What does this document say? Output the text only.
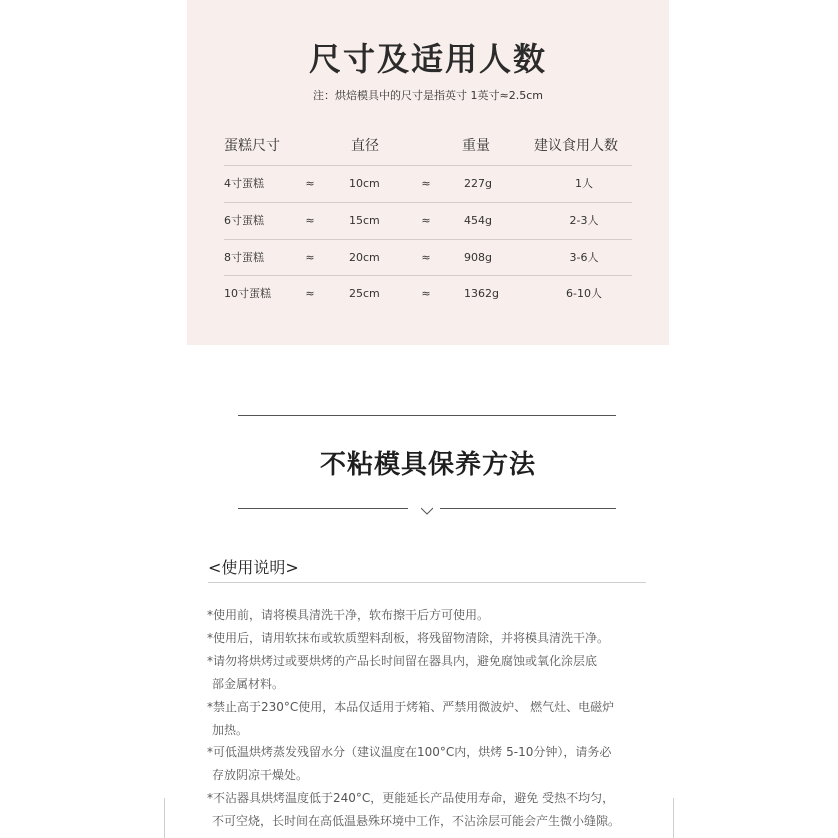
尺寸及适用人数
注：烘焙模具中的尺寸是指英寸 1英寸≈2.5cm
蛋糕尺寸	直径	重量	建议食用人数
4寸蛋糕	≈	10cm	≈	227g	1人
6寸蛋糕	≈	15cm	≈	454g	2-3人
8寸蛋糕	≈	20cm	≈	908g	3-6人
10寸蛋糕	≈	25cm	≈	1362g	6-10人
不粘模具保养方法
<使用说明>
*使用前，请将模具清洗干净，软布擦干后方可使用。
*使用后，请用软抹布或软质塑料刮板，将残留物清除，并将模具清洗干净。
*请勿将烘烤过或要烘烤的产品长时间留在器具内，避免腐蚀或氧化涂层底
部金属材料。
*禁止高于230°C使用，本品仅适用于烤箱、严禁用微波炉、 燃气灶、电磁炉
加热。
*可低温烘烤蒸发残留水分（建议温度在100°C内，烘烤 5-10分钟），请务必
存放阴凉干燥处。
*不沾器具烘烤温度低于240°C，更能延长产品使用寿命，避免 受热不均匀，
不可空烧，长时间在高低温悬殊环境中工作，不沾涂层可能会产生微小缝隙。
